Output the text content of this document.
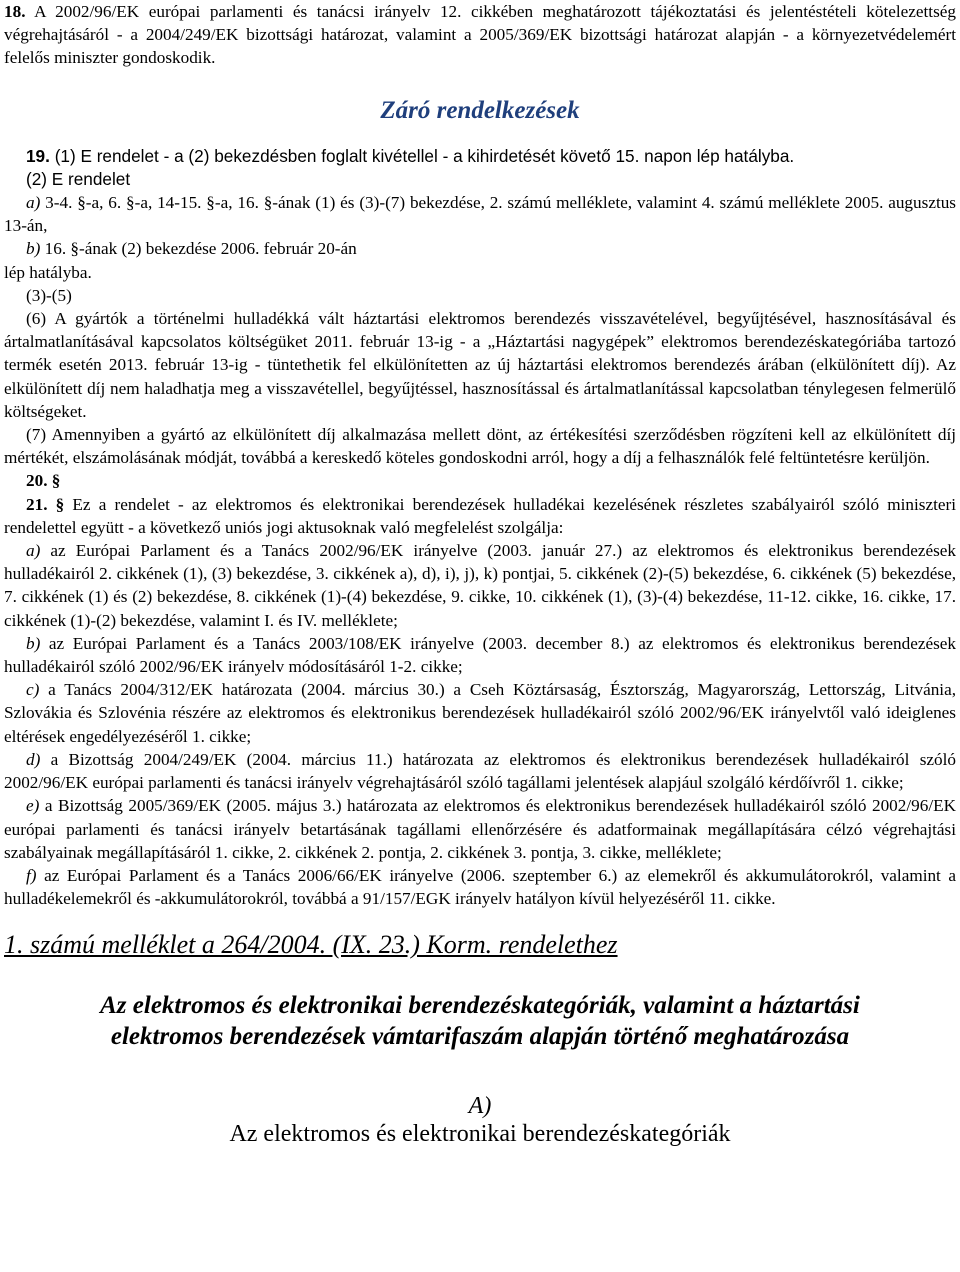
18. A 2002/96/EK európai parlamenti és tanácsi irányelv 12. cikkében meghatározott tájékoztatási és jelentéstételi kötelezettség végrehajtásáról - a 2004/249/EK bizottsági határozat, valamint a 2005/369/EK bizottsági határozat alapján - a környezetvédelemért felelős miniszter gondoskodik.

Záró rendelkezések

19. (1) E rendelet - a (2) bekezdésben foglalt kivétellel - a kihirdetését követő 15. napon lép hatályba.

(2) E rendelet

a) 3-4. §-a, 6. §-a, 14-15. §-a, 16. §-ának (1) és (3)-(7) bekezdése, 2. számú melléklete, valamint 4. számú melléklete 2005. augusztus 13-án,

b) 16. §-ának (2) bekezdése 2006. február 20-án

lép hatályba.

(3)-(5)

(6) A gyártók a történelmi hulladékká vált háztartási elektromos berendezés visszavételével, begyűjtésével, hasznosításával és ártalmatlanításával kapcsolatos költségüket 2011. február 13-ig - a „Háztartási nagygépek” elektromos berendezéskategóriába tartozó termék esetén 2013. február 13-ig - tüntethetik fel elkülönítetten az új háztartási elektromos berendezés árában (elkülönített díj). Az elkülönített díj nem haladhatja meg a visszavétellel, begyűjtéssel, hasznosítással és ártalmatlanítással kapcsolatban ténylegesen felmerülő költségeket.

(7) Amennyiben a gyártó az elkülönített díj alkalmazása mellett dönt, az értékesítési szerződésben rögzíteni kell az elkülönített díj mértékét, elszámolásának módját, továbbá a kereskedő köteles gondoskodni arról, hogy a díj a felhasználók felé feltüntetésre kerüljön.

20. §

21. § Ez a rendelet - az elektromos és elektronikai berendezések hulladékai kezelésének részletes szabályairól szóló miniszteri rendelettel együtt - a következő uniós jogi aktusoknak való megfelelést szolgálja:

a) az Európai Parlament és a Tanács 2002/96/EK irányelve (2003. január 27.) az elektromos és elektronikus berendezések hulladékairól 2. cikkének (1), (3) bekezdése, 3. cikkének a), d), i), j), k) pontjai, 5. cikkének (2)-(5) bekezdése, 6. cikkének (5) bekezdése, 7. cikkének (1) és (2) bekezdése, 8. cikkének (1)-(4) bekezdése, 9. cikke, 10. cikkének (1), (3)-(4) bekezdése, 11-12. cikke, 16. cikke, 17. cikkének (1)-(2) bekezdése, valamint I. és IV. melléklete;

b) az Európai Parlament és a Tanács 2003/108/EK irányelve (2003. december 8.) az elektromos és elektronikus berendezések hulladékairól szóló 2002/96/EK irányelv módosításáról 1-2. cikke;

c) a Tanács 2004/312/EK határozata (2004. március 30.) a Cseh Köztársaság, Észtország, Magyarország, Lettország, Litvánia, Szlovákia és Szlovénia részére az elektromos és elektronikus berendezések hulladékairól szóló 2002/96/EK irányelvtől való ideiglenes eltérések engedélyezéséről 1. cikke;

d) a Bizottság 2004/249/EK (2004. március 11.) határozata az elektromos és elektronikus berendezések hulladékairól szóló 2002/96/EK európai parlamenti és tanácsi irányelv végrehajtásáról szóló tagállami jelentések alapjául szolgáló kérdőívről 1. cikke;

e) a Bizottság 2005/369/EK (2005. május 3.) határozata az elektromos és elektronikus berendezések hulladékairól szóló 2002/96/EK európai parlamenti és tanácsi irányelv betartásának tagállami ellenőrzésére és adatformainak megállapítására célzó végrehajtási szabályainak megállapításáról 1. cikke, 2. cikkének 2. pontja, 2. cikkének 3. pontja, 3. cikke, melléklete;

f) az Európai Parlament és a Tanács 2006/66/EK irányelve (2006. szeptember 6.) az elemekről és akkumulátorokról, valamint a hulladékelemekről és -akkumulátorokról, továbbá a 91/157/EGK irányelv hatályon kívül helyezéséről 11. cikke.

1. számú melléklet a 264/2004. (IX. 23.) Korm. rendelethez
Az elektromos és elektronikai berendezéskategóriák, valamint a háztartási
elektromos berendezések vámtarifaszám alapján történő meghatározása
A)
Az elektromos és elektronikai berendezéskategóriák
